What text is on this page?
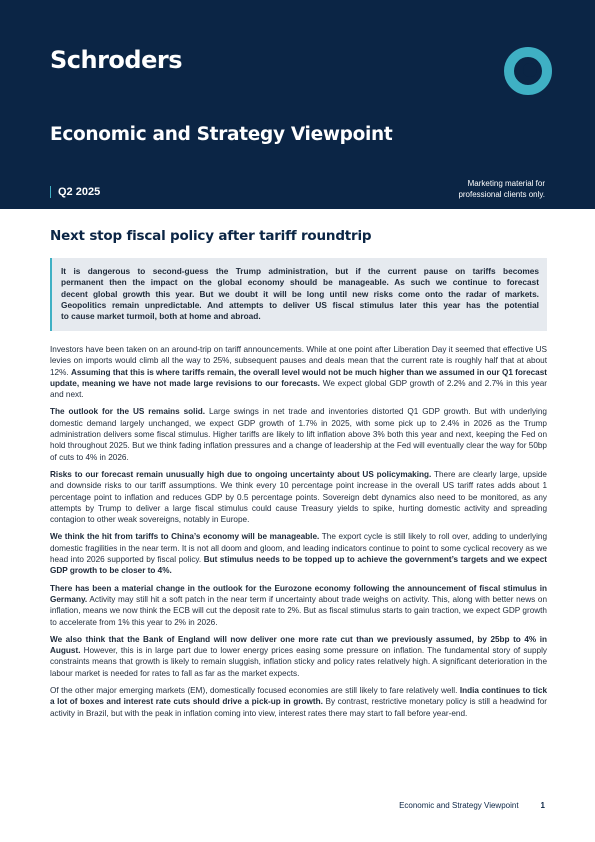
Schroders
Economic and Strategy Viewpoint
Q2 2025
Marketing material for
professional clients only.
Next stop fiscal policy after tariff roundtrip
It is dangerous to second-guess the Trump administration, but if the current pause on tariffs becomes
permanent then the impact on the global economy should be manageable. As such we continue to forecast
decent global growth this year. But we doubt it will be long until new risks come onto the radar of markets.
Geopolitics remain unpredictable. And attempts to deliver US fiscal stimulus later this year has the potential
to cause market turmoil, both at home and abroad.

Investors have been taken on an around-trip on tariff announcements. While at one point after Liberation Day it seemed that effective US levies on imports would climb all the way to 25%, subsequent pauses and deals mean that the current rate is roughly half that at about 12%. Assuming that this is where tariffs remain, the overall level would not be much higher than we assumed in our Q1 forecast update, meaning we have not made large revisions to our forecasts. We expect global GDP growth of 2.2% and 2.7% in this year and next.

The outlook for the US remains solid. Large swings in net trade and inventories distorted Q1 GDP growth. But with underlying domestic demand largely unchanged, we expect GDP growth of 1.7% in 2025, with some pick up to 2.4% in 2026 as the Trump administration delivers some fiscal stimulus. Higher tariffs are likely to lift inflation above 3% both this year and next, keeping the Fed on hold throughout 2025. But we think fading inflation pressures and a change of leadership at the Fed will eventually clear the way for 50bp of cuts to 4% in 2026.

Risks to our forecast remain unusually high due to ongoing uncertainty about US policymaking. There are clearly large, upside and downside risks to our tariff assumptions. We think every 10 percentage point increase in the overall US tariff rates adds about 1 percentage point to inflation and reduces GDP by 0.5 percentage points. Sovereign debt dynamics also need to be monitored, as any attempts by Trump to deliver a large fiscal stimulus could cause Treasury yields to spike, hurting domestic activity and spreading contagion to other weak sovereigns, notably in Europe.

We think the hit from tariffs to China’s economy will be manageable. The export cycle is still likely to roll over, adding to underlying domestic fragilities in the near term. It is not all doom and gloom, and leading indicators continue to point to some cyclical recovery as we head into 2026 supported by fiscal policy. But stimulus needs to be topped up to achieve the government’s targets and we expect GDP growth to be closer to 4%.

There has been a material change in the outlook for the Eurozone economy following the announcement of fiscal stimulus in Germany. Activity may still hit a soft patch in the near term if uncertainty about trade weighs on activity. This, along with better news on inflation, means we now think the ECB will cut the deposit rate to 2%. But as fiscal stimulus starts to gain traction, we expect GDP growth to accelerate from 1% this year to 2% in 2026.

We also think that the Bank of England will now deliver one more rate cut than we previously assumed, by 25bp to 4% in August. However, this is in large part due to lower energy prices easing some pressure on inflation. The fundamental story of supply constraints means that growth is likely to remain sluggish, inflation sticky and policy rates relatively high. A significant deterioration in the labour market is needed for rates to fall as far as the market expects.

Of the other major emerging markets (EM), domestically focused economies are still likely to fare relatively well. India continues to tick a lot of boxes and interest rate cuts should drive a pick-up in growth. By contrast, restrictive monetary policy is still a headwind for activity in Brazil, but with the peak in inflation coming into view, interest rates there may start to fall before year-end.

Economic and Strategy Viewpoint	1
